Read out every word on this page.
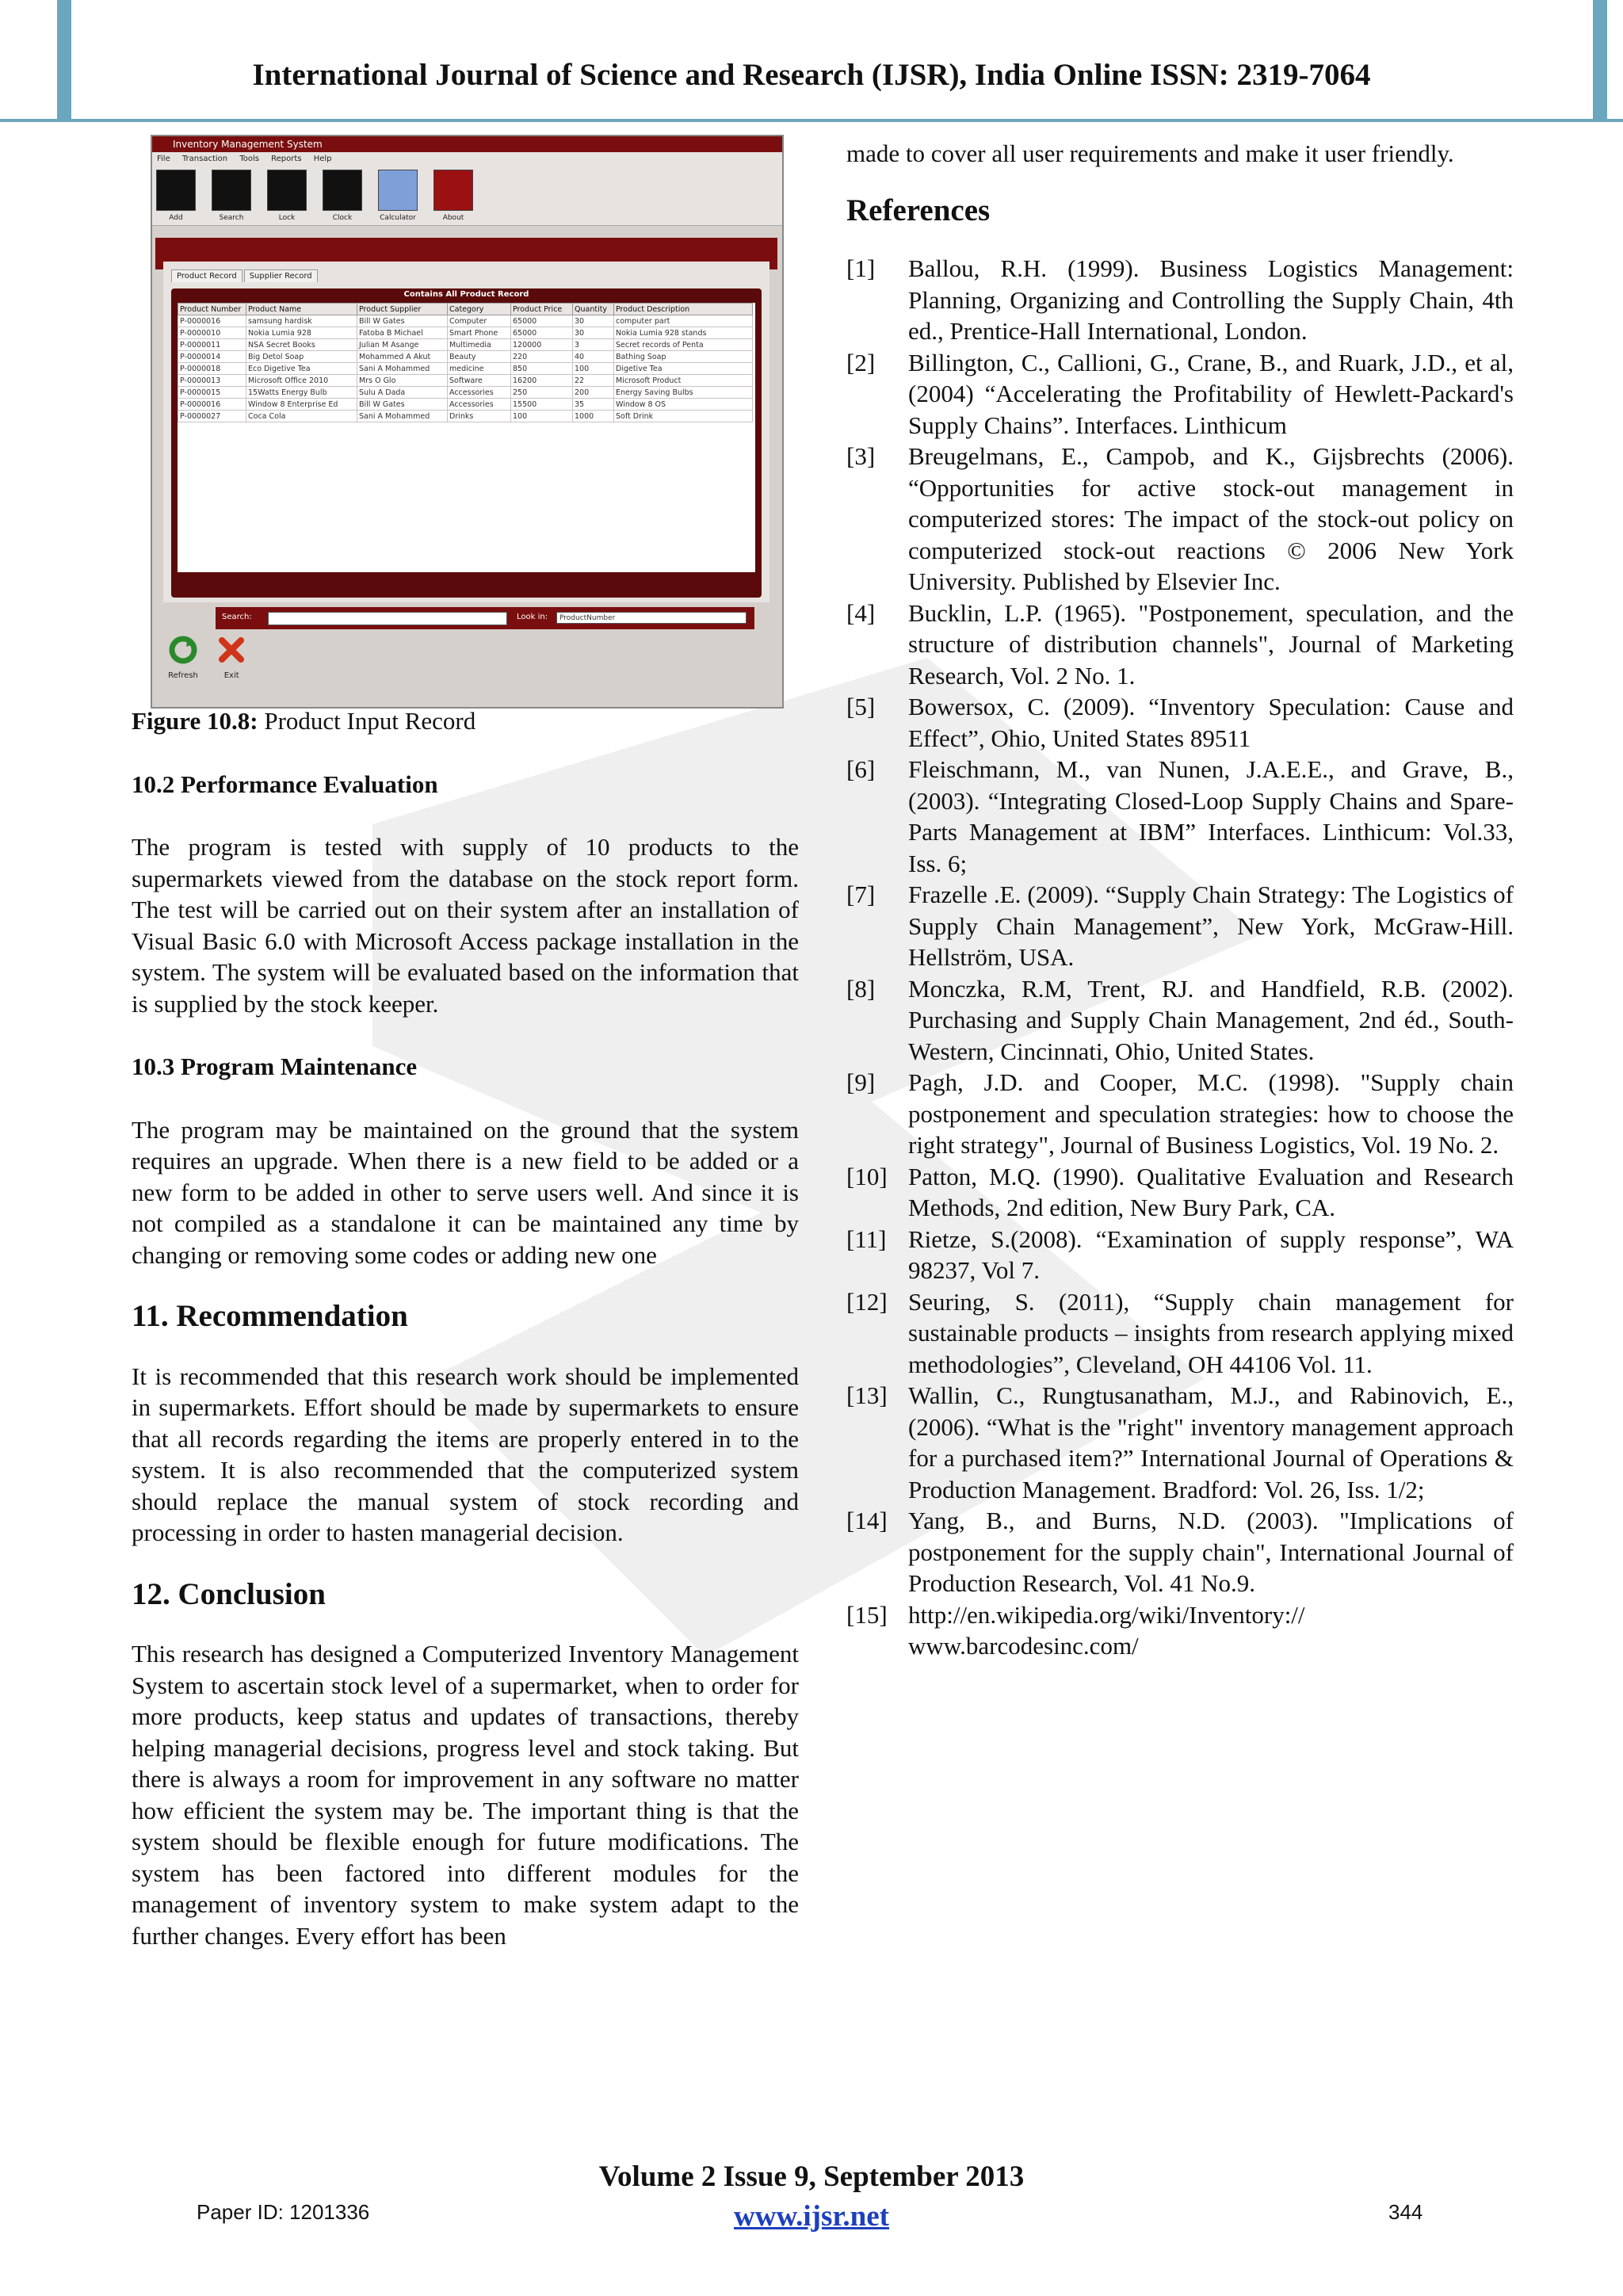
International Journal of Science and Research (IJSR), India Online ISSN: 2319-7064
Inventory Management System
File Transaction Tools Reports Help
Add	Search	Lock	Clock	Calculator	About
Product Record Supplier Record
Contains All Product Record
Product Number	Product Name	Product Supplier	Category	Product Price	Quantity	Product Description
P-0000016	samsung hardisk	Bill W Gates	Computer	65000	30	computer part
P-0000010	Nokia Lumia 928	Fatoba B Michael	Smart Phone	65000	30	Nokia Lumia 928 stands
P-0000011	NSA Secret Books	Julian M Asange	Multimedia	120000	3	Secret records of Penta
P-0000014	Big Detol Soap	Mohammed A Akut	Beauty	220	40	Bathing Soap
P-0000018	Eco Digetive Tea	Sani A Mohammed	medicine	850	100	Digetive Tea
P-0000013	Microsoft Office 2010	Mrs O Glo	Software	16200	22	Microsoft Product
P-0000015	15Watts Energy Bulb	Sulu A Dada	Accessories	250	200	Energy Saving Bulbs
P-0000016	Window 8 Enterprise Ed	Bill W Gates	Accessories	15500	35	Window 8 OS
P-0000027	Coca Cola	Sani A Mohammed	Drinks	100	1000	Soft Drink

Search:	Look in:	ProductNumber
Refresh	Exit

Figure 10.8: Product Input Record

10.2 Performance Evaluation

The program is tested with supply of 10 products to the supermarkets viewed from the database on the stock report form. The test will be carried out on their system after an installation of Visual Basic 6.0 with Microsoft Access package installation in the system. The system will be evaluated based on the information that is supplied by the stock keeper.

10.3 Program Maintenance

The program may be maintained on the ground that the system requires an upgrade. When there is a new field to be added or a new form to be added in other to serve users well. And since it is not compiled as a standalone it can be maintained any time by changing or removing some codes or adding new one

11. Recommendation

It is recommended that this research work should be implemented in supermarkets. Effort should be made by supermarkets to ensure that all records regarding the items are properly entered in to the system. It is also recommended that the computerized system should replace the manual system of stock recording and processing in order to hasten managerial decision.

12. Conclusion

This research has designed a Computerized Inventory Management System to ascertain stock level of a supermarket, when to order for more products, keep status and updates of transactions, thereby helping managerial decisions, progress level and stock taking. But there is always a room for improvement in any software no matter how efficient the system may be. The important thing is that the system should be flexible enough for future modifications. The system has been factored into different modules for the management of inventory system to make system adapt to the further changes. Every effort has been

made to cover all user requirements and make it user friendly.

References
[1] Ballou, R.H. (1999). Business Logistics Management: Planning, Organizing and Controlling the Supply Chain, 4th ed., Prentice-Hall International, London.
[2] Billington, C., Callioni, G., Crane, B., and Ruark, J.D., et al, (2004) “Accelerating the Profitability of Hewlett-Packard's Supply Chains”. Interfaces. Linthicum
[3] Breugelmans, E., Campob, and K., Gijsbrechts (2006). “Opportunities for active stock-out management in computerized stores: The impact of the stock-out policy on computerized stock-out reactions © 2006 New York University. Published by Elsevier Inc.
[4] Bucklin, L.P. (1965). "Postponement, speculation, and the structure of distribution channels", Journal of Marketing Research, Vol. 2 No. 1.
[5] Bowersox, C. (2009). “Inventory Speculation: Cause and Effect”, Ohio, United States 89511
[6] Fleischmann, M., van Nunen, J.A.E.E., and Grave, B., (2003). “Integrating Closed-Loop Supply Chains and Spare-Parts Management at IBM” Interfaces. Linthicum: Vol.33, Iss. 6;
[7] Frazelle .E. (2009). “Supply Chain Strategy: The Logistics of Supply Chain Management”, New York, McGraw-Hill. Hellström, USA.
[8] Monczka, R.M, Trent, RJ. and Handfield, R.B. (2002). Purchasing and Supply Chain Management, 2nd éd., South-Western, Cincinnati, Ohio, United States.
[9] Pagh, J.D. and Cooper, M.C. (1998). "Supply chain postponement and speculation strategies: how to choose the right strategy", Journal of Business Logistics, Vol. 19 No. 2.
[10] Patton, M.Q. (1990). Qualitative Evaluation and Research Methods, 2nd edition, New Bury Park, CA.
[11] Rietze, S.(2008). “Examination of supply response”, WA 98237, Vol 7.
[12] Seuring, S. (2011), “Supply chain management for sustainable products – insights from research applying mixed methodologies”, Cleveland, OH 44106 Vol. 11.
[13] Wallin, C., Rungtusanatham, M.J., and Rabinovich, E., (2006). “What is the "right" inventory management approach for a purchased item?” International Journal of Operations & Production Management. Bradford: Vol. 26, Iss. 1/2;
[14] Yang, B., and Burns, N.D. (2003). "Implications of postponement for the supply chain", International Journal of Production Research, Vol. 41 No.9.
[15] http://en.wikipedia.org/wiki/Inventory:// www.barcodesinc.com/
Volume 2 Issue 9, September 2013
www.ijsr.net
Paper ID: 1201336	344
